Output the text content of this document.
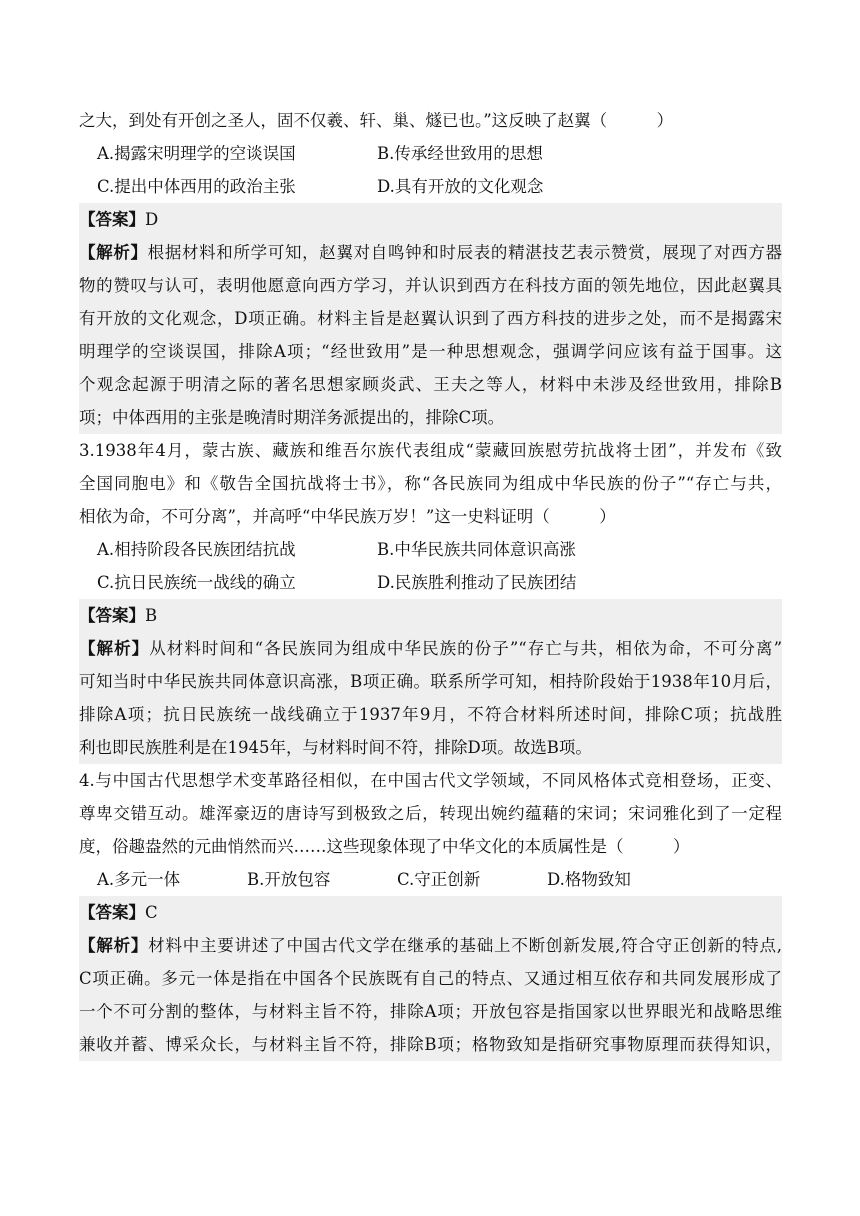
之大，到处有开创之圣人，固不仅羲、轩、巢、燧已也。”这反映了赵翼（　　　）
A.揭露宋明理学的空谈误国	B.传承经世致用的思想
C.提出中体西用的政治主张	D.具有开放的文化观念
【答案】D
【解析】根据材料和所学可知，赵翼对自鸣钟和时辰表的精湛技艺表示赞赏，展现了对西方器
物的赞叹与认可，表明他愿意向西方学习，并认识到西方在科技方面的领先地位，因此赵翼具
有开放的文化观念，D项正确。材料主旨是赵翼认识到了西方科技的进步之处，而不是揭露宋
明理学的空谈误国，排除A项；“经世致用”是一种思想观念，强调学问应该有益于国事。这
个观念起源于明清之际的著名思想家顾炎武、王夫之等人，材料中未涉及经世致用，排除B
项；中体西用的主张是晚清时期洋务派提出的，排除C项。
3.1938年4月，蒙古族、藏族和维吾尔族代表组成“蒙藏回族慰劳抗战将士团”，并发布《致
全国同胞电》和《敬告全国抗战将士书》，称“各民族同为组成中华民族的份子”“存亡与共，
相依为命，不可分离”，并高呼“中华民族万岁！”这一史料证明（　　　）
A.相持阶段各民族团结抗战	B.中华民族共同体意识高涨
C.抗日民族统一战线的确立	D.民族胜利推动了民族团结
【答案】B
【解析】从材料时间和“各民族同为组成中华民族的份子”“存亡与共，相依为命，不可分离”
可知当时中华民族共同体意识高涨，B项正确。联系所学可知，相持阶段始于1938年10月后，
排除A项；抗日民族统一战线确立于1937年9月，不符合材料所述时间，排除C项；抗战胜
利也即民族胜利是在1945年，与材料时间不符，排除D项。故选B项。
4.与中国古代思想学术变革路径相似，在中国古代文学领域，不同风格体式竞相登场，正变、
尊卑交错互动。雄浑豪迈的唐诗写到极致之后，转现出婉约蕴藉的宋词；宋词雅化到了一定程
度，俗趣盎然的元曲悄然而兴……这些现象体现了中华文化的本质属性是（　　　）
A.多元一体	B.开放包容	C.守正创新	D.格物致知
【答案】C
【解析】材料中主要讲述了中国古代文学在继承的基础上不断创新发展,符合守正创新的特点,
C项正确。多元一体是指在中国各个民族既有自己的特点、又通过相互依存和共同发展形成了
一个不可分割的整体，与材料主旨不符，排除A项；开放包容是指国家以世界眼光和战略思维
兼收并蓄、博采众长，与材料主旨不符，排除B项；格物致知是指研究事物原理而获得知识，
